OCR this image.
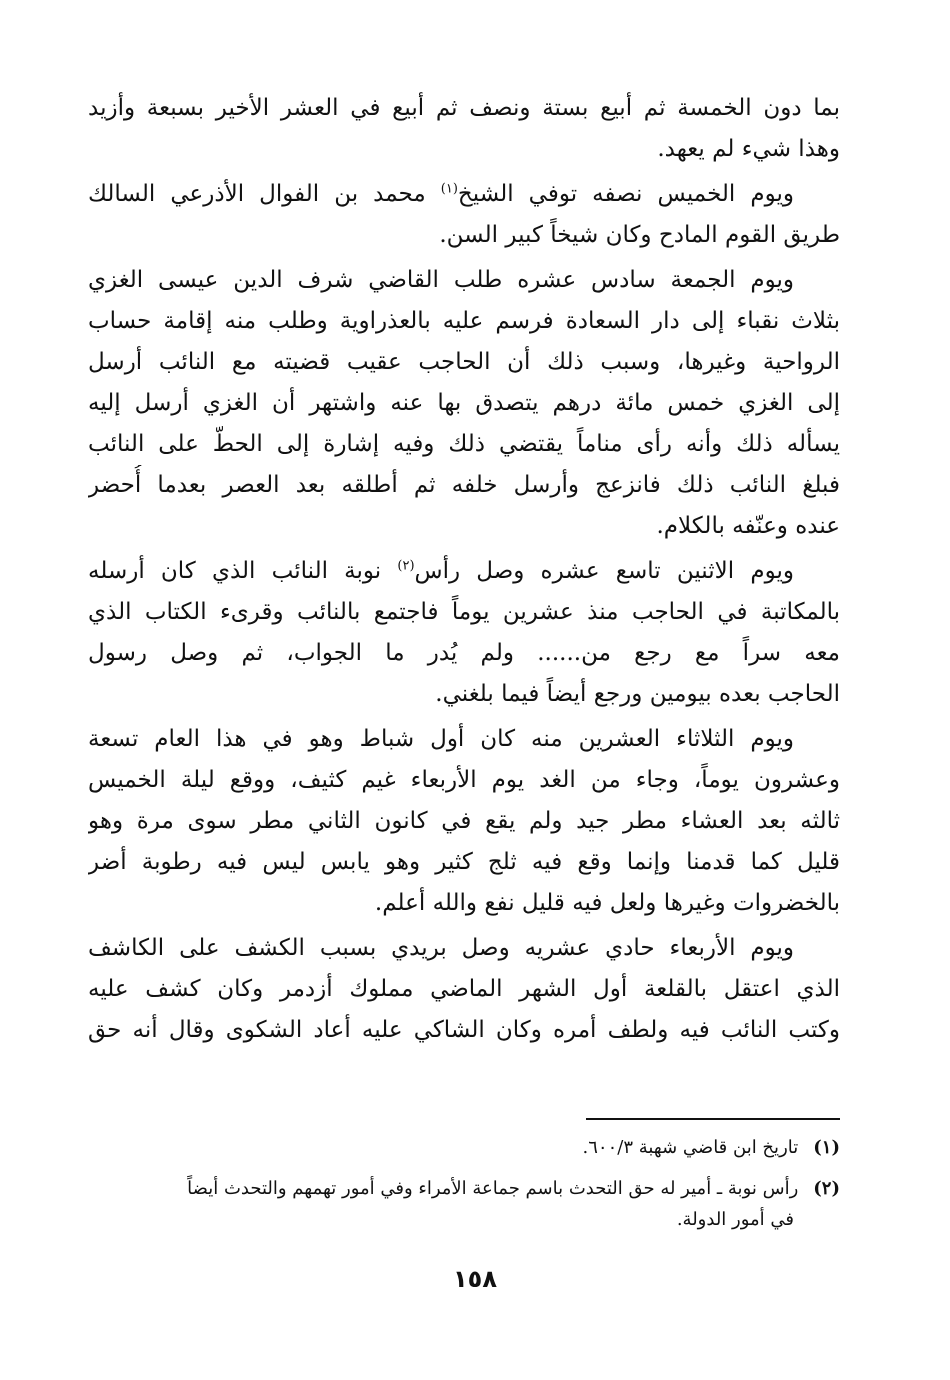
بما دون الخمسة ثم أبيع بستة ونصف ثم أبيع في العشر الأخير بسبعة وأزيد
وهذا شيء لم يعهد.
ويوم الخميس نصفه توفي الشيخ$^{(١)}$ محمد بن الفوال الأذرعي السالك
طريق القوم المادح وكان شيخاً كبير السن.
ويوم الجمعة سادس عشره طلب القاضي شرف الدين عيسى الغزي
بثلاث نقباء إلى دار السعادة فرسم عليه بالعذراوية وطلب منه إقامة حساب
الرواحية وغيرها، وسبب ذلك أن الحاجب عقيب قضيته مع النائب أرسل
إلى الغزي خمس مائة درهم يتصدق بها عنه واشتهر أن الغزي أرسل إليه
يسأله ذلك وأنه رأى مناماً يقتضي ذلك وفيه إشارة إلى الحطّ على النائب
فبلغ النائب ذلك فانزعج وأرسل خلفه ثم أطلقه بعد العصر بعدما أُحضر
عنده وعنّفه بالكلام.
ويوم الاثنين تاسع عشره وصل رأس$^{(٢)}$ نوبة النائب الذي كان أرسله
بالمكاتبة في الحاجب منذ عشرين يوماً فاجتمع بالنائب وقرىء الكتاب الذي
معه سراً مع رجع من...... ولم يُدر ما الجواب، ثم وصل رسول
الحاجب بعده بيومين ورجع أيضاً فيما بلغني.
ويوم الثلاثاء العشرين منه كان أول شباط وهو في هذا العام تسعة
وعشرون يوماً، وجاء من الغد يوم الأربعاء غيم كثيف، ووقع ليلة الخميس
ثالثه بعد العشاء مطر جيد ولم يقع في كانون الثاني مطر سوى مرة وهو
قليل كما قدمنا وإنما وقع فيه ثلج كثير وهو يابس ليس فيه رطوبة أضر
بالخضروات وغيرها ولعل فيه قليل نفع والله أعلم.
ويوم الأربعاء حادي عشريه وصل بريدي بسبب الكشف على الكاشف
الذي اعتقل بالقلعة أول الشهر الماضي مملوك أزدمر وكان كشف عليه
وكتب النائب فيه ولطف أمره وكان الشاكي عليه أعاد الشكوى وقال أنه حق
(١) تاريخ ابن قاضي شهبة ٦٠٠/٣.
(٢) رأس نوبة ـ أمير له حق التحدث باسم جماعة الأمراء وفي أمور تهمهم والتحدث أيضاً
في أمور الدولة.
١٥٨
